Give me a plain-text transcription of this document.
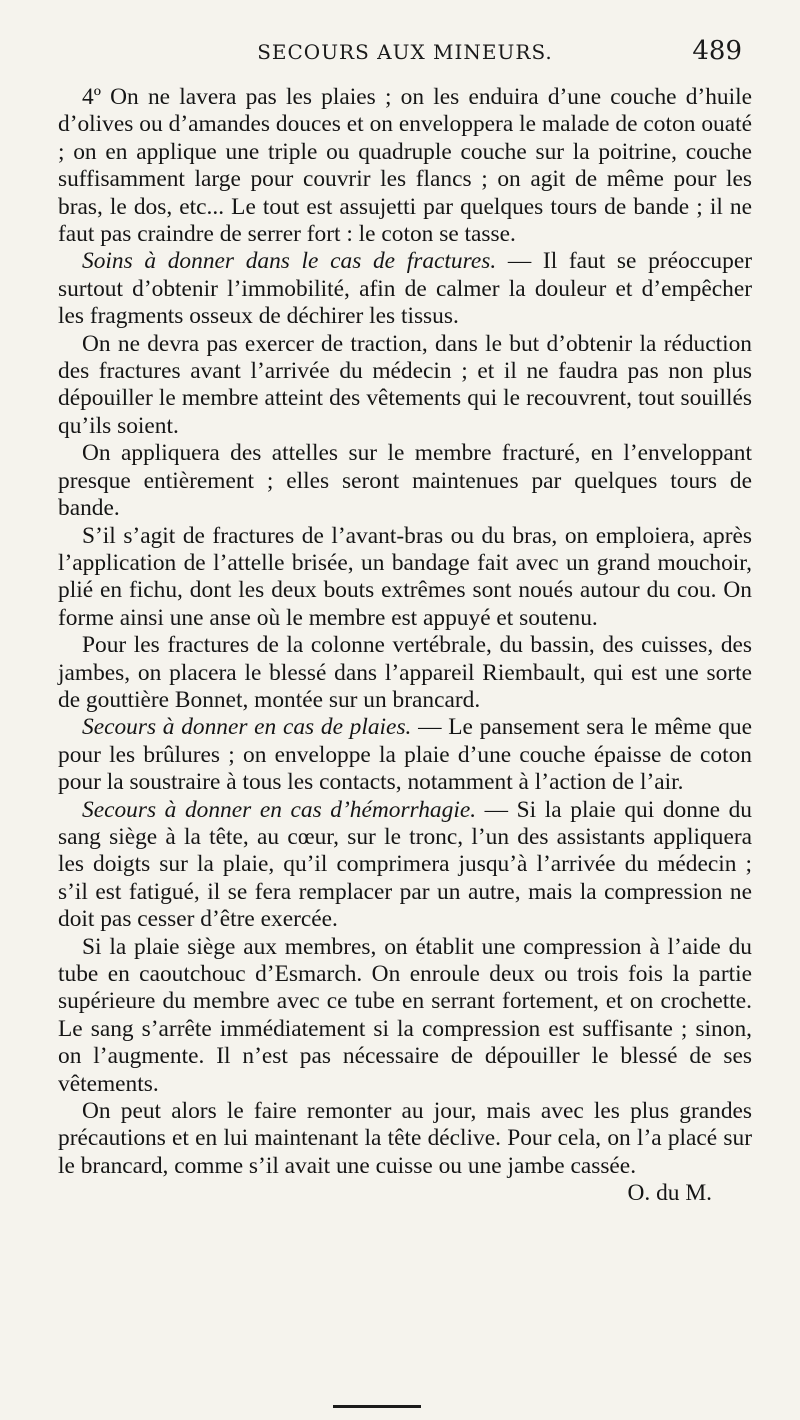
SECOURS AUX MINEURS.	489

4º On ne lavera pas les plaies ; on les enduira d’une couche d’huile d’olives ou d’amandes douces et on enveloppera le malade de coton ouaté ; on en applique une triple ou quadruple couche sur la poitrine, couche suffisamment large pour couvrir les flancs ; on agit de même pour les bras, le dos, etc... Le tout est assujetti par quelques tours de bande ; il ne faut pas craindre de serrer fort : le coton se tasse.

Soins à donner dans le cas de fractures. — Il faut se préoccuper surtout d’obtenir l’immobilité, afin de calmer la douleur et d’empêcher les fragments osseux de déchirer les tissus.

On ne devra pas exercer de traction, dans le but d’obtenir la réduction des fractures avant l’arrivée du médecin ; et il ne faudra pas non plus dépouiller le membre atteint des vêtements qui le recouvrent, tout souillés qu’ils soient.

On appliquera des attelles sur le membre fracturé, en l’enveloppant presque entièrement ; elles seront maintenues par quelques tours de bande.

S’il s’agit de fractures de l’avant-bras ou du bras, on emploiera, après l’application de l’attelle brisée, un bandage fait avec un grand mouchoir, plié en fichu, dont les deux bouts extrêmes sont noués autour du cou. On forme ainsi une anse où le membre est appuyé et soutenu.

Pour les fractures de la colonne vertébrale, du bassin, des cuisses, des jambes, on placera le blessé dans l’appareil Riembault, qui est une sorte de gouttière Bonnet, montée sur un brancard.

Secours à donner en cas de plaies. — Le pansement sera le même que pour les brûlures ; on enveloppe la plaie d’une couche épaisse de coton pour la soustraire à tous les contacts, notamment à l’action de l’air.

Secours à donner en cas d’hémorrhagie. — Si la plaie qui donne du sang siège à la tête, au cœur, sur le tronc, l’un des assistants appliquera les doigts sur la plaie, qu’il comprimera jusqu’à l’arrivée du médecin ; s’il est fatigué, il se fera remplacer par un autre, mais la compression ne doit pas cesser d’être exercée.

Si la plaie siège aux membres, on établit une compression à l’aide du tube en caoutchouc d’Esmarch. On enroule deux ou trois fois la partie supérieure du membre avec ce tube en serrant fortement, et on crochette. Le sang s’arrête immédiatement si la compression est suffisante ; sinon, on l’augmente. Il n’est pas nécessaire de dépouiller le blessé de ses vêtements.

On peut alors le faire remonter au jour, mais avec les plus grandes précautions et en lui maintenant la tête déclive. Pour cela, on l’a placé sur le brancard, comme s’il avait une cuisse ou une jambe cassée.

O. du M.
